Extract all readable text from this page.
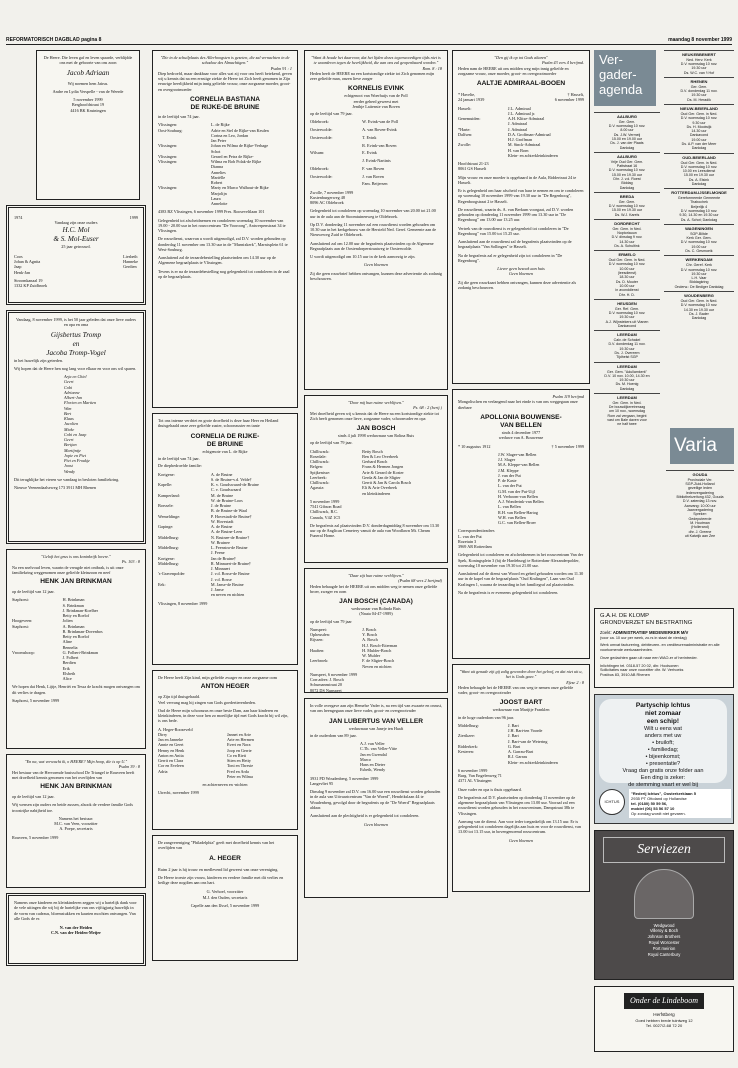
REFORMATORISCH DAGBLAD pagina 8	maandag 8 november 1999
De Heere. Die leven gaf en leven spaarde, verblijdde ons met de geboorte van ons zoon
Jacob Adriaan
Wij noemen hem Jaïrus.
Andre en Lydia Verspelle - van de Weerde
5 november 1999
Berghoofdstraat 19
4416 BK Kruiningen
1974	1999
Vandaag zijn onze ouders
H.C. Mol
& S. Mol-Euser
25 jaar getrouwd.
Coos
Johan & Agnita
Jaap
Henk-Jan
Liesbeth
Hanneke
Gerdien
Stroomkanaal 19
1332 KP Zuidbroek
Vandaag, 8 november 1999, is het 50 jaar geleden dat onze lieve ouders en opa en oma
Gijsbertus Tromp
en
Jacoba Tromp-Vogel
in het huwelijk zijn getreden.
Wij hopen dat de Heere hen nog lang voor elkaar en voor ons wil sparen.
Arja en Chiel
Geert
Cobi
Adrianne
Albert-Jan
Florien en Martien
Wim
Bert
Klaas
Jacolien
Mieke
Cobi en Jaap
Geert
Bertjan
Martijntje
Jopie en Piet
Piet en Froukje
Joost
Wendy
Dit terugblijke het vieren we vandaag in besloten familiekring.
Nieuwe Veenendaalseweg 173 3911 MH Rhenen
"Geloft het grus is ons koninkrijk lovere."
Ps. 103 : 8
Na een snelvoud leven, waarin de vreugde niet ontbrak, is uit onze familiekring weggenomen onze geliefde kleinzoon en neef
HENK JAN BRINKMAN
op de leeftijd van 12 jaar.
Staphorst:	H. Brinkman
S. Brinkman
J. Brinkman-Koelher
Betty en Roelof
Hoogeveen:	Jolien
Staphorst:	A. Brinkman
B. Brinkman-Dovenbos
Betty en Roelof
Aline
Bennelia
Vroomshoop:	G. Folbert-Brinkman
J. Folbert
Berdien
Erik
Elsbeth
Alice
We hopen dat Henk, Lijtje, Henriët en Tessa de kracht mogen ontvangen om dit verlies te dragen.
Staphorst, 5 november 1999
"En na, wat verwacht ik, o HEERE? Mijn hoop, die is op U."
Psalm 39 : 8
Het bestuur van de Hervormde basisschool De Triangel te Rouveen heeft met droefheid kennis genomen van het overlijden van
HENK JAN BRINKMAN
op de leeftijd van 12 jaar.
Wij wensen zijn ouders en beide zussen, alsook de verdere familie Gods troostrijke nabijheid toe.
Namens het bestuur:
M.C. van Veen, voorzitter
A. Poepe, secretaris
Rouveen, 5 november 1999
Namens onze kinderen en kleinkinderen zeggen wij u hartelijk dank voor de vele uitingen die wij bij de hartelijke van ons vijftigjarig huwelijk in de vorm van cadeaus, bloemstukken en kaarten mochten ontvangen. Van alle Gods de er.
N. van der Heiden
C.N. van der Heiden-Meijer
"Die in de schuilplaats des Allerhoogsten is gezeten, die zal vernachten in de schaduw des Almachtigen."
Psalm 91 : 1
Diep bedroefd, maar dankbaar voor alles wat zij voor ons heeft betekend, geven wij u kennis dat na een ernstige ziekte de Heere tot Zich heeft genomen in Zijn eeuwige heerlijkheid mijn innig geliefde vrouw, onze zorgzame moeder, groot- en overgrootmoeder
CORNELIA BASTIANA
DE RIJKE-DE BRUINE
in de leeftijd van 74 jaar.
Vlissingen:	L. de Rijke
Oost-Souburg:	Adrie en Stel de Rijke-van Keulen
Corina en Leo, Jordan
Jan Peter
Vlissingen:	Johan en Wilma de Rijke-Verhage
Schot
Vlissingen:	Gerard en Petra de Rijke-
Vlissingen:	Wilma en Bob Polak-de Rijke
Dianna
Annelies
Mariëlle
Robert
Vlissingen:	Marty en Marco Walhout-de Rijke
Marjolijn
Laura
Annelotte
4383 BZ Vlissingen, 6 november 1999 Pres. Rooseveltlaan 101
Gelegenheid tot afscheidnemen en condoleren woensdag 10 november van 19.00 - 20.00 uur in het rouwcentrum "De Vooroorg", Antwerpenstraat 34 te Vlissingen.
De rouwdienst, waarvan u wordt uitgenodigd, zal D.V. worden gehouden op donderdag 11 november om 13.30 uur in de "Marnixkerk", Marnixplein 61 te West-Souburg.
Aansluitend zal de teraardebestelling plaatsvinden om 14.30 uur op de Algemene begraafplaats te Vlissingen.
Tevens is er na de teraardebestelling nog gelegenheid tot condoleren in de zaal op de begraafplaats.
Tot ons intense verdriet en grote droefheid is deze haar Heer en Heiland thuisgehaald onze zeer geliefde zuster, schoonzuster en tante
CORNELIA DE RIJKE-
DE BRUINE
echtgenote van L. de Rijke
in de leeftijd van 74 jaar.
De diepbedroefde familie:
Kortgene:	A. de Bruine
S. de Bruine-v.d. Velde†
Kapelle:	K. v. Goudswaard-de Bruine
C. v. Goudswaard
Kamperland:	M. de Bruine
W. de Bruine-Loos
Borssele:	J. de Bruine
B. de Bruine-de Waal
Wemeldinge:	P. Hovestadt-de Bruine†
W. Hovestadt
Gapinge:	A. de Bruine
A. de Bruine-Leen
Middelburg:	N. Bruinee-de Bruine†
W. Bruinee
Middelburg:	L. Feenstra-de Bruine
J. Feene
Kortgene:	Jan de Bruine†
Middelburg:	R. Minnaert-de Bruine†
J. Minnaert
's-Gravenpolder	J. v.d. Bosse-de Bruine
J. v.d. Bosse
Eek:	M. Janse-de Bruine
J. Janse
en neven en nichten
Vlissingen, 8 november 1999
De Heere heeft Zijn kind, mijn geliefde zwager en onze zorgzame oom
ANTON HEGER
op Zijn tijd thuisgehaald.
Veel vervang mag hij zingen van Gods goedertierenheden.
Oud de Heere mijn schoonzus en onze beste Dam, aan haar kinderen en kleinkinderen, in deze voor hen zo moeilijke tijd met Gods kracht bij wil zijn, is ons bede.
A. Heger-Roozeveld
Dirry	Jannet en Arie
Jan en Janneke	Arie en Hermen
Annie en Geert	Evert en Nora
Henny en Henk	Joop en Gerrie
Anton en Anita	Co en Rieti
Gerrit en Clara	Stien en Hetty
Cor en Eveleen	Toni en Thresie
Adria	Fred en Arda
Peter en Wilma
en achterneven en -nichten
Utrecht, november 1999
De zangvereniging "Philadelphia" geeft met droefheid kennis van het overlijden van
A. HEGER
Ruim 2 jaar is hij trouw en medlevend lid geweest van onze vereniging.
De Heere troeste zijn vrouw, kinderen en verdere familie met dit verlies en heilige deze nogdien aan ons hart.
G. Verhoef, voorzitter
M.J. den Ouden, secretaris
Capelle aan den IJssel, 5 november 1999
"Want ik houde het daarvoor, dat het lijden dezes tegenwoordigen tijds niet is te waarderen tegen de heerlijkheid, die aan ons zal geopenbaard worden."
Rom. 8 : 18
Heden heeft de HEERE na een kortstondige ziekte tot Zich genomen mijn zeer geliefde man, onzen lieve zorger
KORNELIS EVINK
echtgenoot van Woerhuijs van de Poll
eerder geherd geweest met
Jenthje Laitenste van Boven
op de leeftijd van 79 jaar.
Oldebroek:	W. Evink-van de Poll
Oosterwolde:	A. van Boven-Evink
Oosterwolde:	T. Evink
R. Evink-van Boven
Wilsum:	E. Evink
J. Evink-Nartinis
Oldebroek:	F. van Boven
Oosterwolde:	J. van Boven
Fam. Beijersen
Zwolle, 7 november 1999
Kustenburgerweg 48
8096 AC Oldebroek
Gelegenheid tot condoleren op woensdag 10 november van 20.00 tot 21.00 uur in de aula aan de Stoomtuinenweg te Oldebroek.
Op D.V. donderdag 11 november zal een rouwdienst worden gehouden om 10.30 uur in het kerkgebouw van de Hersteld Ned. Geref. Gemeente aan de Nieuweweg Zuid te Oldebroek.
Aansluitend zal om 12.00 uur de begrafenis plaatsvinden op de Algemene Begraafplaats aan de Oostendorperstraatweg te Oosterwolde.
U wordt uitgenodigd om 10.15 uur in de kerk aanwezig te zijn.
Geen bloemen
Zij die geen rouwbrief hebben ontvangen, kunnen deze advertentie als zodanig beschouwen.
"Door mij hun ruime verblijven."
Ps. 68 : 2 (berij.)
Met droefheid geven wij u kennis dat de Heere na een kortstondige ziekte tot Zich heeft genomen onze lieve, zorgzame vader, schoonvader en opa
JAN BOSCH
sinds 4 juli 1998 weduwnaar van Rolina Buis
op de leeftijd van 79 jaar.
Chilliwack:	Betty Bosch
Rosedale:	Ben & Leo Overbeek
Chilliwack:	Gerhard Bosch
Belgen:	Frans & Hermen Jongen
Spijkenisse:	Arie & Gerard de Koster
Leerbeek:	Gerda & Jan de Sligter
Chilliwack:	Gerrit & Jan & Carola Bosch
Agassiz:	Eli & Arie Overbeek
en kleinkinderen
5 november 1999
7541 Gibson Road
Chilliwack, B.C.
Canada, V4Z 1C5
De begrafenis zal plaatsvinden D.V. donderdagmiddag 8 november om 13.30 uur op de Anglican Cemetery vanuit de aula van Woodlawn Mt. Cheam Funeral Home.
"Daar zijt hun ruime verblijven."
(Psalm 68 vers 2 berijmd)
Heden behaagde het de HEERE uit ons midden weg te nemen onze geliefde broer, zwager en oom
JAN BOSCH (CANADA)
weduwnaar van Rolinda Buis
(Nauta 04-47-1989)
op de leeftijd van 79 jaar
Nunspeet:	J. Bosch
Opheusden:	Y. Bosch
Rijssen:	A. Bosch
H.J. Bosch-Eiterman
Haaften:	H. Mulder-Bosch
W. Mulder
Leerbroek:	F. de Sligter-Bosch
Neven en nichten
Nunspeet, 6 november 1999
Corr.adres: J. Bosch
Schumannstraat 20
8072 DS Nunspeet
In volle overgave aan zijn Hemelse Vader is, na een tijd van zwaarte en onrust, van ons heengegaan onze lieve vader, groot- en overgrootvader
JAN LUBERTUS VAN VELLER
weduwnaar van Janeje ten Haaft
in de ouderdom van 89 jaar.
A.J. van Veller
C.Th. van Veller-Vitte
Jan en Gwendal
Marco
Hans en Dieter
Esbeth, Wendy
3931 PD Woudenberg, 5 november 1999
Langevliet 95
Dinsdag 9 november zal D.V. om 16.00 uur een rouwdienst worden gehouden in de aula van Uitvaartcentrum "Van de Woerd", Hendrikslaan 44 te Woudenberg, gevolgd door de begrafenis op de "De Woerd" Begraafplaats aldaar.
Aansluitend aan de plechtigheid is er gelegenheid tot condoleren.
Geen bloemen
"Den gij ik op tot Gods altaren"
Psalm 43 vers 4 berijmd.
Heden nam de HEERE uit ons midden weg mijn innig geliefde en zorgzame vrouw, onze moeder, groot- en overgrootmoeder
AALTJE ADMIRAAL-BOOEN
* Havelte,
24 januari 1939
† Hasselt,
6 november 1999
Hasselt:	J.L. Admiraal
J.L. Admiraal jr.
Genemuiden:	A.H. Klitse-Admiraal
J. Admiraal
*Harte:	J. Admiraal
Dalfsen:	D.A. Groffman-Admiraal
H.J. Groffman
Zwolle:	M. Sinck-Admiraal
H. van Born
Klein- en achterkleinkinderen
Hoofdstraat 21-23
8061 GS Hasselt
Mijn vrouw en onze moeder is opgebaard in de Aula, Riddertraat 24 te Hasselt.
Er is gelegenheid om haar afscheid van haar te nemen en om te condoleren op woensdag 10 november 1999 van 19.30 uur in "De Regenboog", Regenboogstraat 2 te Hasselt.
De rouwdienst, waarin ds. A. van Berkum voorgaat, zal D.V. worden gehouden op donderdag 11 november 1999 om 13.30 uur in "De Regenboog" om 13.00 uur 13.25 uur.
Vertrek van de rouwdienst is er gelegenheid tot condoleren in "De Regenboog" van 15.00 tot 15.25 uur.
Aansluitend aan de rouwdienst zal de begrafenis plaatsvinden op de begraafplaats "Van Sollingen" te Hasselt.
Na de begrafenis zal er gelegenheid zijn tot condoleren in "De Regenboog".
Liever geen bezoek aan huis
Geen bloemen
Zij die geen rouwkaart hebben ontvangen, kunnen deze advertentie als zodanig beschouwen.
Psalm 119 berijmd
Mongolischen en verlangend naar het einde is van ons weggegaan onze dierbare
APOLLONIA BOUWENSE-
VAN BELLEN
sinds 4 december 1977
weduwe van A. Bouwense
* 10 augustus 1912	† 5 november 1999
J.W. Slager-van Bellen
J.J. Slager
M.A. Kleppe-van Bellen
J.M. Kleppe
J. van der Put
P. de Kaste
L. van der Put
G.M. van der Put-Uijl
H. Verboom-van Bellen
A.J. Wonderink-van Bellen
L. van Bellen
R.H. van Bellen-Hartog
W.H. van Bellen
G.C. van Bellen-Broer
Correspondentieadres
L. van der Put
Rozetuin 3
3969 AR Rotterdam
Gelegenheid tot condoleren en afscheidnemen in het rouwcentrum Van der Spek, Koningsplein 3 (bij de Hardeburg) te Rotterdam-Alexanderpolder, woensdag 10 november van 19.30 tot 21.00 uur.
Aansluitend zal de dienst van Woord en gebed gehouden worden om 11.30 uur in de kapel van de begraafplaats "Oud Kralingen", Laan van Oud Kralingen 1, waarna de teraarding in het familiegraf zal plaatsvinden.
Na de begrafenis is er eveneens gelegenheid tot condoleren.
"Want uit genade zijt gij zalig geworden door het geloof, en dat niet uit u, het is Gods gave."
Efeze 2 : 8
Heden behaagde het de HEERE van ons weg te nemen onze geliefde vader, groot- en overgrootvader
JOOST BART
weduwnaar van Marijtje Franklen
in de hoge ouderdom van 96 jaar.
Middelburg:	J. Bart
J.H. Bart-ten Voorde
Zierikzee:	J. Bart
J. Bart-van de Wetering
Ridderkerk:	G. Bart
Kesteren:	A. Garrau-Bart
R.J. Garrau
Klein- en achterkleinkinderen
6 november 1999
Burg. Van Engelenweg 71
4371 AL Vlissingen
Onze vader en opa is thuis opgebaard.
De begrafenis zal D.V. plaatsvinden op donderdag 11 november op de algemene begraafplaats van Vlissingen om 13.00 uur. Vooraaf zal een rouwdienst worden gehouden in het rouwcentrum, Dampstraat 38h te Vlissingen.
Aanvang van de dienst. Aan voor ieder toegankelijk om 13.15 uur. Er is gelegenheid tot condoleren dagelijks aan huis en voor de rouwdienst, van 13.00 tot 13.15 uur, in bovengenoemd rouwcentrum.
Geen bloemen
Ver-
gader-
agenda
AALBURG
Ger. Gem.
D.V. woensdag 10 nov.
8.00 uur
Ds. J.W. Vermeij
15.00 en 19.00 uur
Ds. J. van der Plaats
Dankdag
AALBURG
Vrije Oud Ger. Gem.
Pattstraat 16
D.V. woensdag 10 nov.
15.00 en 19.30 uur
Dhr. J. v.d. Roest
Biddag
Dankdag
BREDA
Ger. Gem.
D.V. woensdag 10 nov.
15.00 en 19.30 uur
Ds. W.J. Karels
DORDRECHT
Ger. Gem. in Ned.
Noptoriauun
D.V. dinsdag 9 nov.
14.30 uur
Ds. A. Schultink
ERMELO
Oud Ger. Gem. in Ned.
D.V. woensdag 10 nov.
10.00 uur
(leesdienst)
18.30 uur
Ds. D. Mouter
10.00 uur
in avonddienst
Dhr. H. D.
HEUSDEN
Ger. Ref. Gem.
D.V. woensdag 10 nov.
19.30 uur
A.J. Wijnstekers uit Vianen
Dankavond
LEERDAM
Calv. de Schakel
D.V. donderdag 11 nov.
19.30 uur
Ds. J. Overeem
Tijdhelst SGP
LEERDAM
Ger. Gem. "Adullamkerk"
D.V. 10 nov. 10.00, 14.30 en
19.30 uur
Ds. M. Hoenig
Dankdag
LEERDAM
Ger. Gem. in Ned.
De bouwdijkeretreraag
om 10 nov., woensdag
Rom zal vergaan, begint
vast om Bale daven voor
ne half twee
NEUKEBBEMERT
Ned. Herv. Kerk
D.V. woensdag 10 nov.
19.30 uur
Ds. W.C. van 't Hof
RHENEN
Ger. Gem.
D.V. donderdag 11 nov.
19.30 uur
Ds. M. Heradik
NIEUW-BEIERLAND
Oud Ger. Gem. in Ned.
D.V. woensdag 10 nov.
9.30 uur
Ds. H. Mooiwijk
14.30 uur
Dankavond
19.00 uur
Ds. A.P. van der Meer
Dankdag
OUD-BEIERLAND
Oud Ger. Gem. in Ned.
D.V. woensdag 10 nov.
10.00 en Leesdienst
15.00 en 19.30 uur
Ds. A. Elsink
Dankdag
ROTTERDAM-IJSSELMONDE
Gereformeerde Gemeente
Thabochek
Beijerlijk 4
D.V. woensdag 10 nov.
9.30, 14.30 en 19.30 uur
Ds. A. Schot; Dankdag
WAGENINGEN
SGP-Biltde
Kerk Ger. Gem.
D.V. woensdag 10 nov.
19.00 uur
Ds. C. Gesmoeik
WERKENDAM
Chr. Geref. Kerk
D.V. woensdag 10 nov.
19.30 uur
L.H. Vaar
Biddagkring
Onderw.: De Bediger Dankdag
WOUDENBERG
Oud Ger. Gem. in Ned.
D.V. woensdag 10 nov.
14.30 en 19.30 uur
Ds. J. Bader
Dankdag
Varia
GOUDA
Provinciale Ver.
SGP-Zuid-Holland
gezellige leden
ledenvergadering
Bibliothekzeitung 432, Gouda
D.V. zaterdag 13 nov.
Aanvang: 10.00 uur
Jaarvergadering
Spreker:
Gedeputeerde
M. Houtman
(Hollerand)
dhr. J. Greene
uit Katwijk aan Zee
G.A.H. DE KLOMP
GRONDVERZET EN BESTRATING
Zoekt: ADMINISTRATIEF MEDEWERKER M/V
(voor ca. 10 uur per week, zo.rs in staat de vierdag)
Werk omvat facturering, debiteuren- en crediteurenadministratie en alle voorkomende werkzaamheden.
Onze gedachten gaan uit naar een WAO-er of herintreder.
Inlichtingen tel. 0318-57 20 02, dhr. Hoolsonen
Sollicitaties naar onze voorzitter dhr. W. Verhoeks
Postbus 83, 3910 AB Rhenen
Partyschip Ichtus
niet zomaar
een schip!
Wilt u eens wat
anders met uw
• bruiloft;
• familiedag;
• bijeenkomst;
• presentatie?
Vraag dan gratis onze folder aan
Een ding is zeker:
de stemming vaart er wel bij
ICHTUS
"Rederij Ichtus", Oosterkerklaan 5
2935 PT Ottoland op Hollandse
tel. (0180) 50 59 56,
mobiel (06) 53 56 57 10
Op zondag wordt niet gevaren.
Serviezen
Wedgwood
Villeroy & Boch
Johnson Brothers
Royal Worcester
Port meirion
Royal Canterbury
Onder de Lindeboom
Herfstberg
Goed hebben brede tuintweg 12
Tel. 0027/2-68 72 20
